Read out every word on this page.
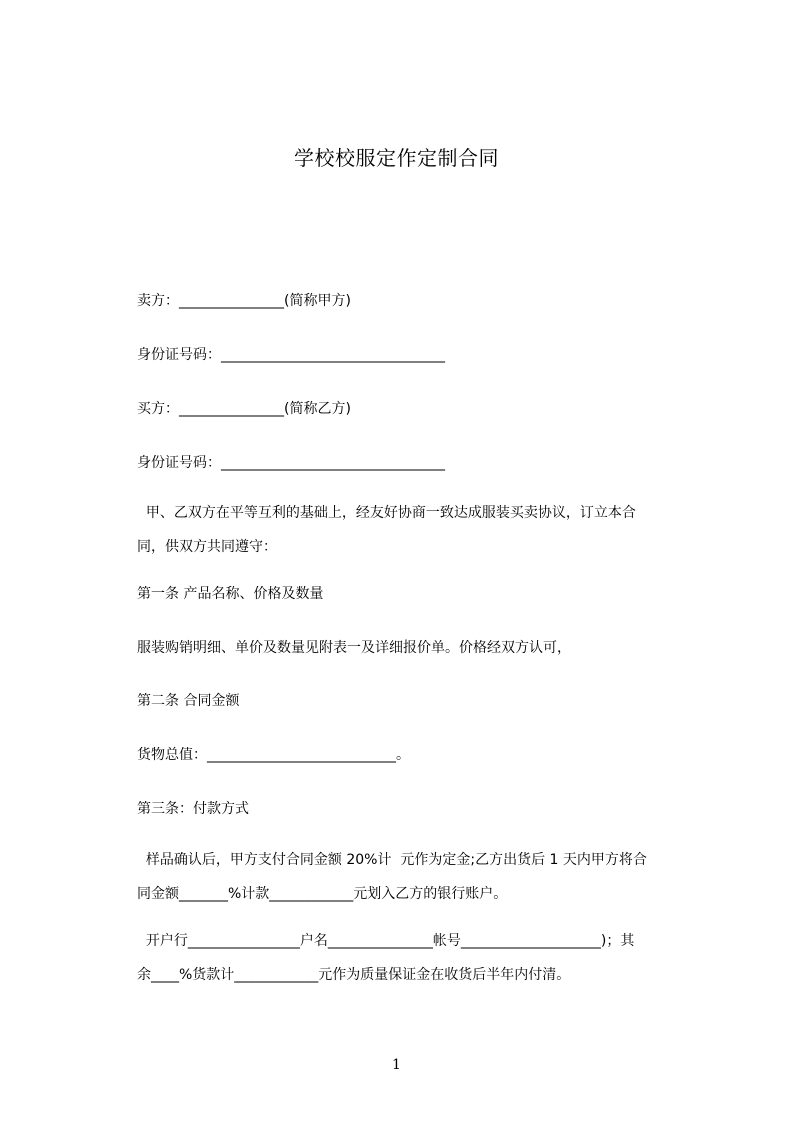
学校校服定作定制合同
卖方：_______________(简称甲方)
身份证号码：________________________________
买方：_______________(简称乙方)
身份证号码：________________________________
甲、乙双方在平等互利的基础上，经友好协商一致达成服装买卖协议，订立本合
同，供双方共同遵守：
第一条 产品名称、价格及数量
服装购销明细、单价及数量见附表一及详细报价单。价格经双方认可，
第二条 合同金额
货物总值：___________________________。
第三条：付款方式
样品确认后，甲方支付合同金额 20%计  元作为定金;乙方出货后 1 天内甲方将合
同金额_______%计款____________元划入乙方的银行账户。
开户行________________户名_______________帐号____________________)；其
余____%货款计____________元作为质量保证金在收货后半年内付清。
1
